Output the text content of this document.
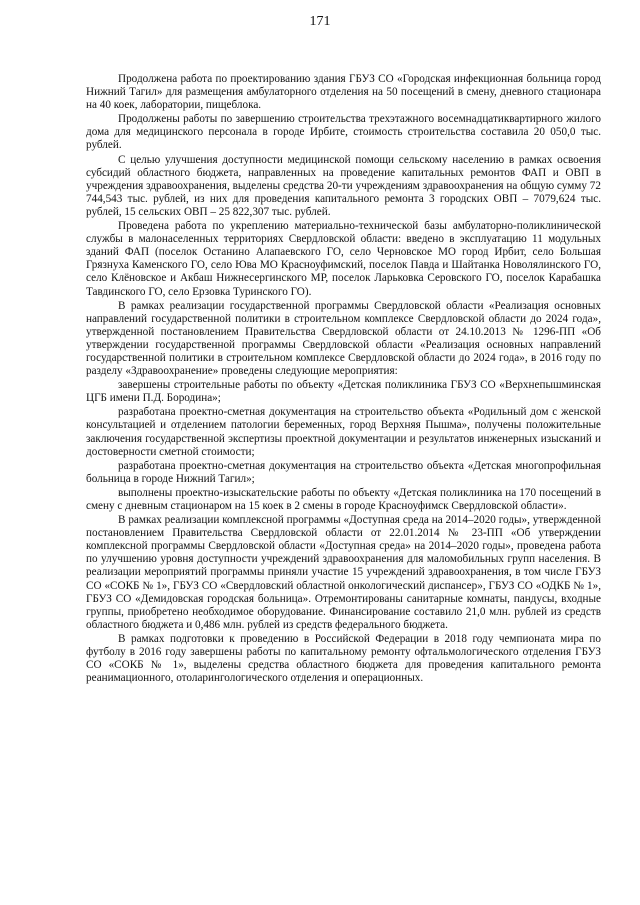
171

Продолжена работа по проектированию здания ГБУЗ СО «Городская инфекционная больница город Нижний Тагил» для размещения амбулаторного отделения на 50 посещений в смену, дневного стационара на 40 коек, лаборатории, пищеблока.

Продолжены работы по завершению строительства трехэтажного восемнадцатиквартирного жилого дома для медицинского персонала в городе Ирбите, стоимость строительства составила 20 050,0 тыс. рублей.

С целью улучшения доступности медицинской помощи сельскому населению в рамках освоения субсидий областного бюджета, направленных на проведение капитальных ремонтов ФАП и ОВП в учреждения здравоохранения, выделены средства 20-ти учреждениям здравоохранения на общую сумму 72 744,543 тыс. рублей, из них для проведения капитального ремонта 3 городских ОВП – 7079,624 тыс. рублей, 15 сельских ОВП – 25 822,307 тыс. рублей.

Проведена работа по укреплению материально-технической базы амбулаторно-поликлинической службы в малонаселенных территориях Свердловской области: введено в эксплуатацию 11 модульных зданий ФАП (поселок Останино Алапаевского ГО, село Черновское МО город Ирбит, село Большая Грязнуха Каменского ГО, село Юва МО Красноуфимский, поселок Павда и Шайтанка Новолялинского ГО, село Клёновское и Акбаш Нижнесергинского МР, поселок Ларьковка Серовского ГО, поселок Карабашка Тавдинского ГО, село Ерзовка Туринского ГО).

В рамках реализации государственной программы Свердловской области «Реализация основных направлений государственной политики в строительном комплексе Свердловской области до 2024 года», утвержденной постановлением Правительства Свердловской области от 24.10.2013 № 1296-ПП «Об утверждении государственной программы Свердловской области «Реализация основных направлений государственной политики в строительном комплексе Свердловской области до 2024 года», в 2016 году по разделу «Здравоохранение» проведены следующие мероприятия:

завершены строительные работы по объекту «Детская поликлиника ГБУЗ СО «Верхнепышминская ЦГБ имени П.Д. Бородина»;

разработана проектно-сметная документация на строительство объекта «Родильный дом с женской консультацией и отделением патологии беременных, город Верхняя Пышма», получены положительные заключения государственной экспертизы проектной документации и результатов инженерных изысканий и достоверности сметной стоимости;

разработана проектно-сметная документация на строительство объекта «Детская многопрофильная больница в городе Нижний Тагил»;

выполнены проектно-изыскательские работы по объекту «Детская поликлиника на 170 посещений в смену с дневным стационаром на 15 коек в 2 смены в городе Красноуфимск Свердловской области».

В рамках реализации комплексной программы «Доступная среда на 2014–2020 годы», утвержденной постановлением Правительства Свердловской области от 22.01.2014 № 23-ПП «Об утверждении комплексной программы Свердловской области «Доступная среда» на 2014–2020 годы», проведена работа по улучшению уровня доступности учреждений здравоохранения для маломобильных групп населения. В реализации мероприятий программы приняли участие 15 учреждений здравоохранения, в том числе ГБУЗ СО «СОКБ № 1», ГБУЗ СО «Свердловский областной онкологический диспансер», ГБУЗ СО «ОДКБ № 1», ГБУЗ СО «Демидовская городская больница». Отремонтированы санитарные комнаты, пандусы, входные группы, приобретено необходимое оборудование. Финансирование составило 21,0 млн. рублей из средств областного бюджета и 0,486 млн. рублей из средств федерального бюджета.

В рамках подготовки к проведению в Российской Федерации в 2018 году чемпионата мира по футболу в 2016 году завершены работы по капитальному ремонту офтальмологического отделения ГБУЗ СО «СОКБ № 1», выделены средства областного бюджета для проведения капитального ремонта реанимационного, отоларингологического отделения и операционных.
